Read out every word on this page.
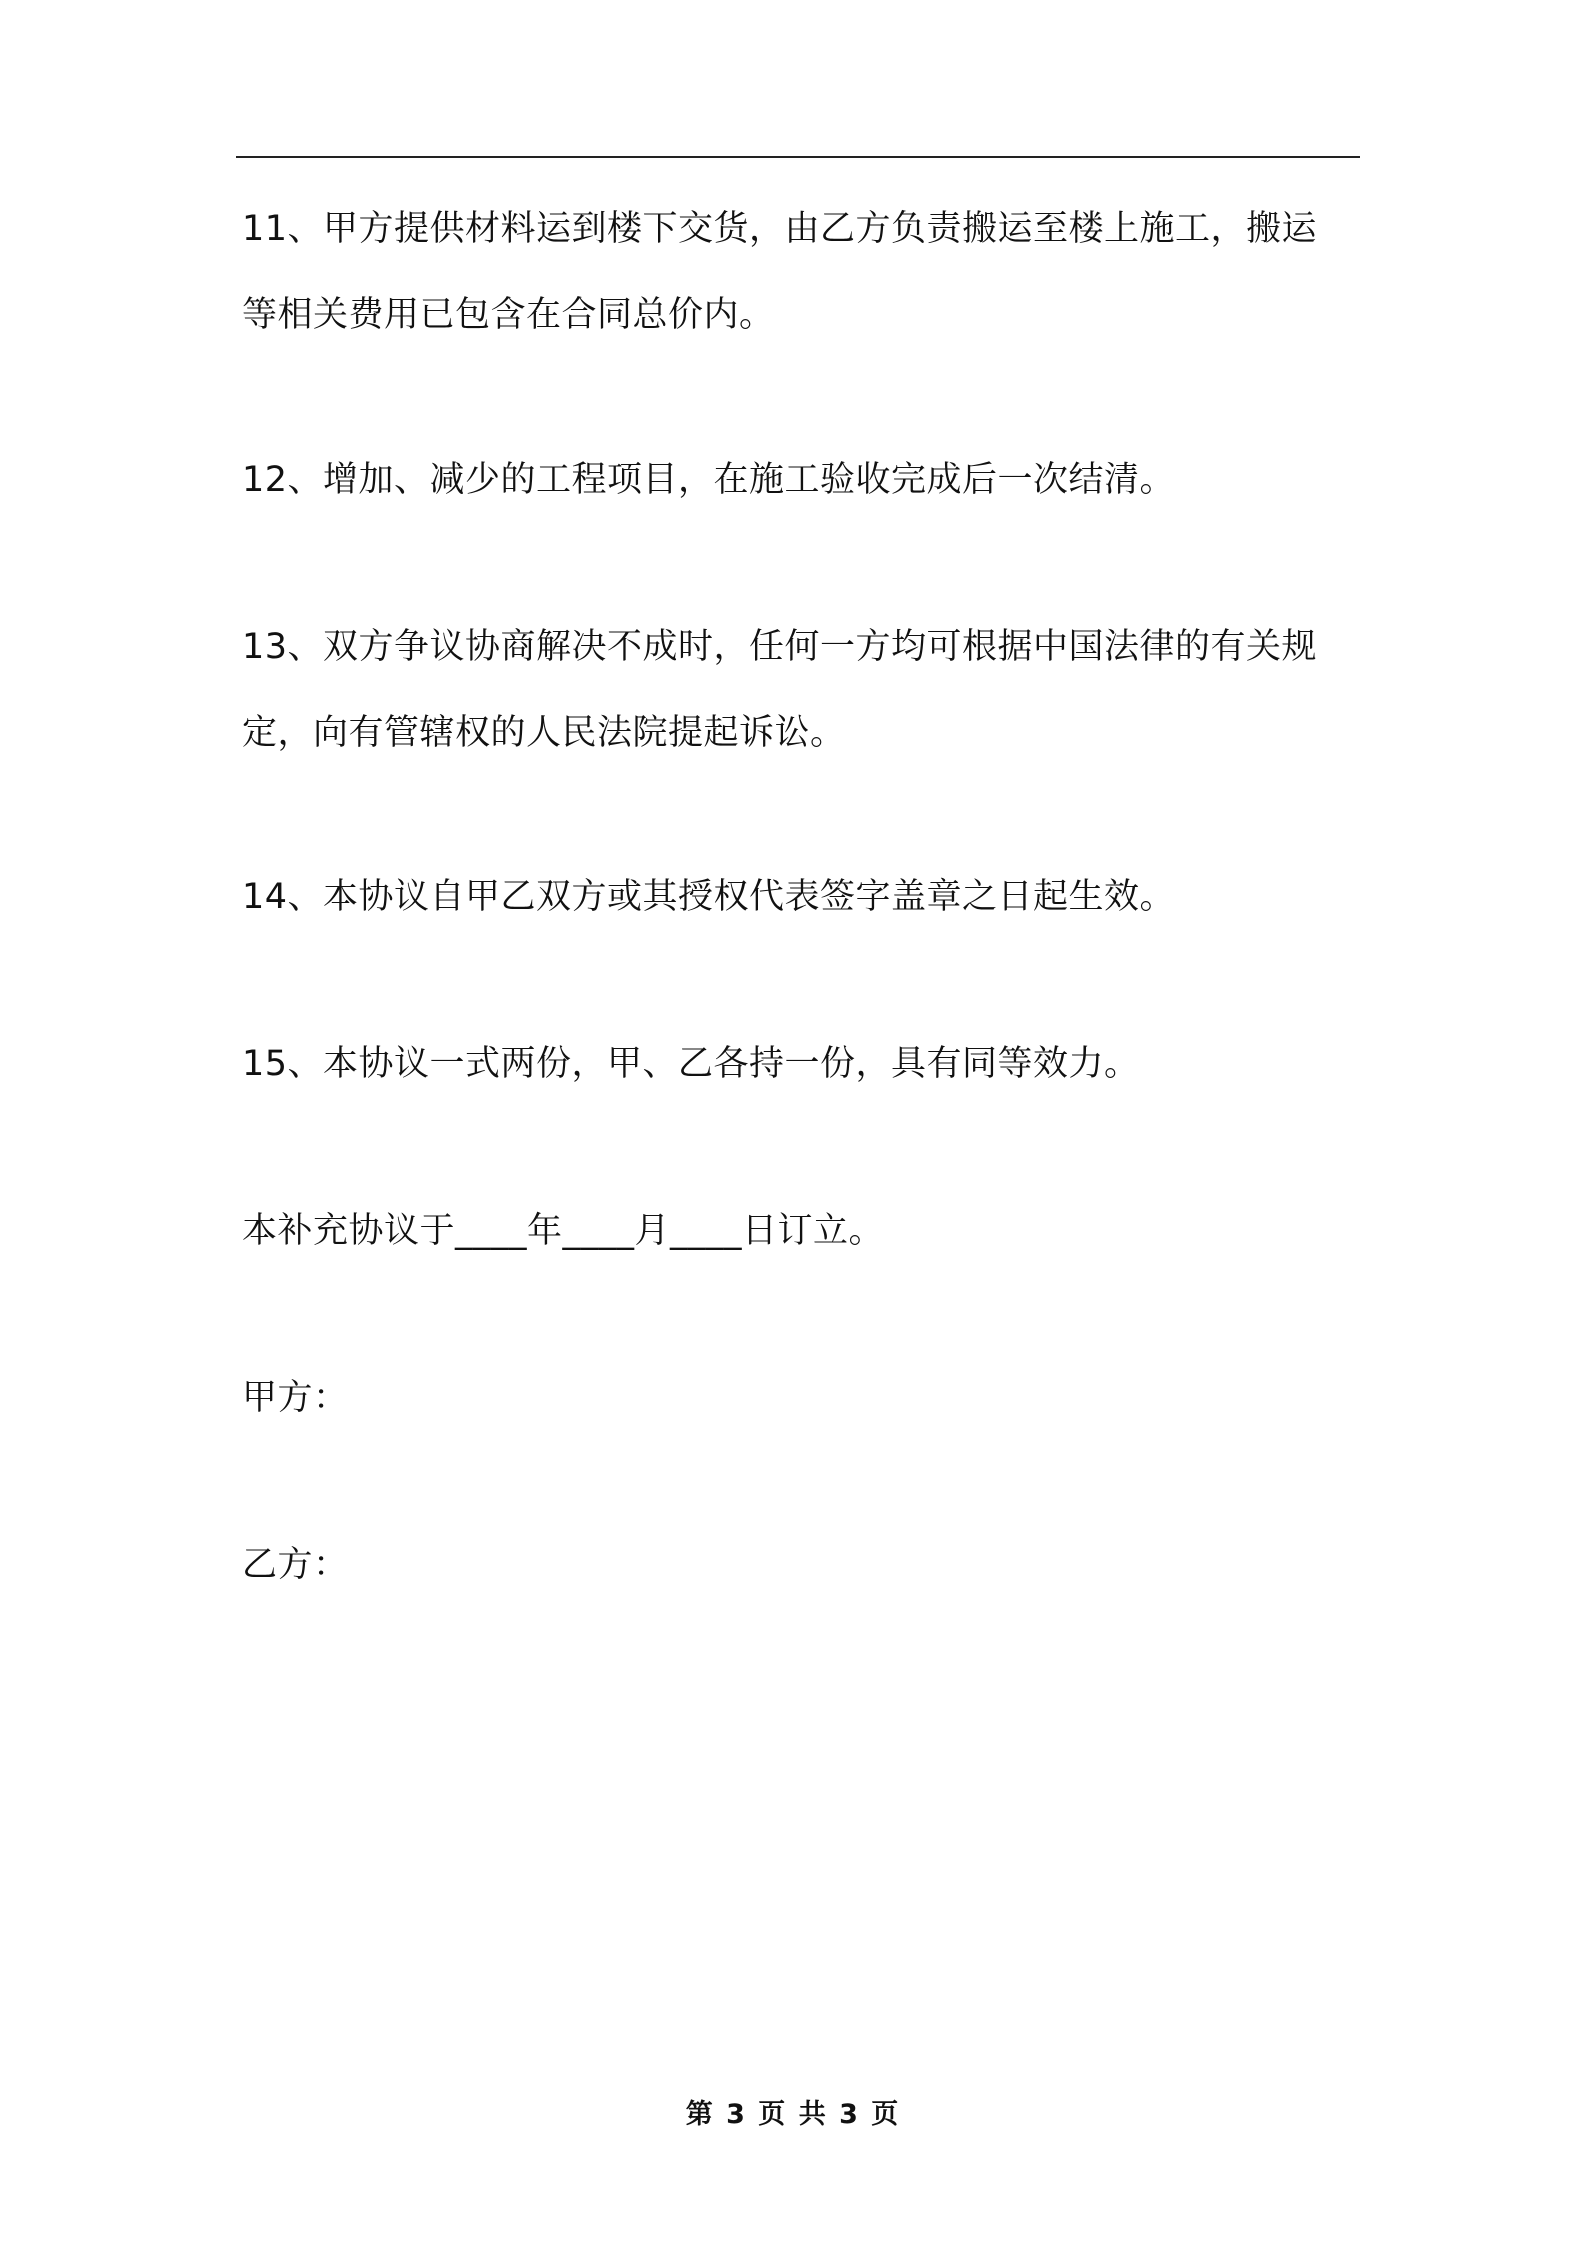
11、甲方提供材料运到楼下交货，由乙方负责搬运至楼上施工，搬运
等相关费用已包含在合同总价内。

12、增加、减少的工程项目，在施工验收完成后一次结清。

13、双方争议协商解决不成时，任何一方均可根据中国法律的有关规
定，向有管辖权的人民法院提起诉讼。

14、本协议自甲乙双方或其授权代表签字盖章之日起生效。

15、本协议一式两份，甲、乙各持一份，具有同等效力。

本补充协议于____年____月____日订立。

甲方：

乙方：

第 3 页 共 3 页
